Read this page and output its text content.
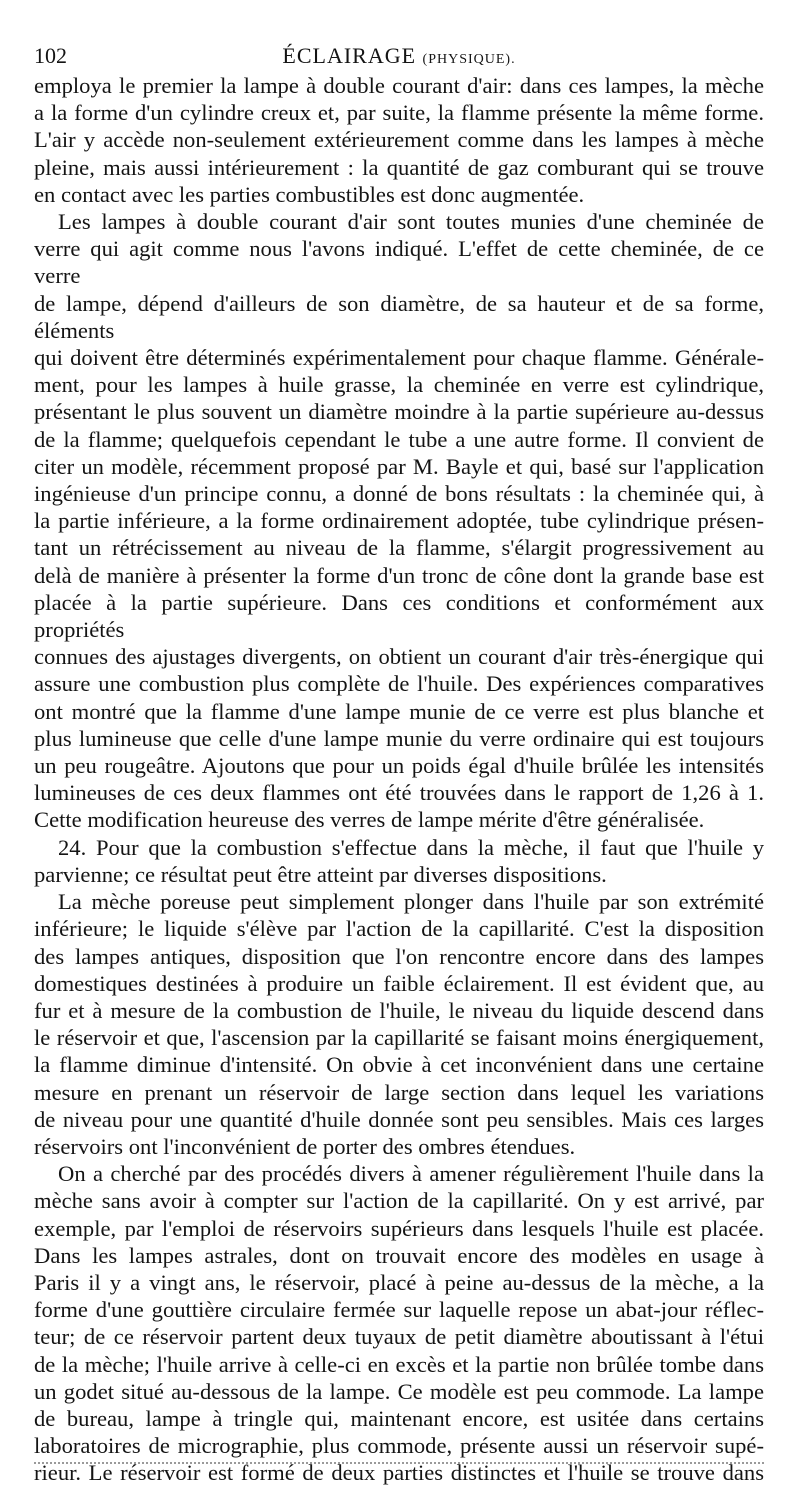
102	ÉCLAIRAGE (PHYSIQUE).
employa le premier la lampe à double courant d'air: dans ces lampes, la mèche
a la forme d'un cylindre creux et, par suite, la flamme présente la même forme.
L'air y accède non-seulement extérieurement comme dans les lampes à mèche
pleine, mais aussi intérieurement : la quantité de gaz comburant qui se trouve
en contact avec les parties combustibles est donc augmentée.
Les lampes à double courant d'air sont toutes munies d'une cheminée de
verre qui agit comme nous l'avons indiqué. L'effet de cette cheminée, de ce verre
de lampe, dépend d'ailleurs de son diamètre, de sa hauteur et de sa forme, éléments
qui doivent être déterminés expérimentalement pour chaque flamme. Générale-
ment, pour les lampes à huile grasse, la cheminée en verre est cylindrique,
présentant le plus souvent un diamètre moindre à la partie supérieure au-dessus
de la flamme; quelquefois cependant le tube a une autre forme. Il convient de
citer un modèle, récemment proposé par M. Bayle et qui, basé sur l'application
ingénieuse d'un principe connu, a donné de bons résultats : la cheminée qui, à
la partie inférieure, a la forme ordinairement adoptée, tube cylindrique présen-
tant un rétrécissement au niveau de la flamme, s'élargit progressivement au
delà de manière à présenter la forme d'un tronc de cône dont la grande base est
placée à la partie supérieure. Dans ces conditions et conformément aux propriétés
connues des ajustages divergents, on obtient un courant d'air très-énergique qui
assure une combustion plus complète de l'huile. Des expériences comparatives
ont montré que la flamme d'une lampe munie de ce verre est plus blanche et
plus lumineuse que celle d'une lampe munie du verre ordinaire qui est toujours
un peu rougeâtre. Ajoutons que pour un poids égal d'huile brûlée les intensités
lumineuses de ces deux flammes ont été trouvées dans le rapport de 1,26 à 1.
Cette modification heureuse des verres de lampe mérite d'être généralisée.
24. Pour que la combustion s'effectue dans la mèche, il faut que l'huile y
parvienne; ce résultat peut être atteint par diverses dispositions.
La mèche poreuse peut simplement plonger dans l'huile par son extrémité
inférieure; le liquide s'élève par l'action de la capillarité. C'est la disposition
des lampes antiques, disposition que l'on rencontre encore dans des lampes
domestiques destinées à produire un faible éclairement. Il est évident que, au
fur et à mesure de la combustion de l'huile, le niveau du liquide descend dans
le réservoir et que, l'ascension par la capillarité se faisant moins énergiquement,
la flamme diminue d'intensité. On obvie à cet inconvénient dans une certaine
mesure en prenant un réservoir de large section dans lequel les variations
de niveau pour une quantité d'huile donnée sont peu sensibles. Mais ces larges
réservoirs ont l'inconvénient de porter des ombres étendues.
On a cherché par des procédés divers à amener régulièrement l'huile dans la
mèche sans avoir à compter sur l'action de la capillarité. On y est arrivé, par
exemple, par l'emploi de réservoirs supérieurs dans lesquels l'huile est placée.
Dans les lampes astrales, dont on trouvait encore des modèles en usage à
Paris il y a vingt ans, le réservoir, placé à peine au-dessus de la mèche, a la
forme d'une gouttière circulaire fermée sur laquelle repose un abat-jour réflec-
teur; de ce réservoir partent deux tuyaux de petit diamètre aboutissant à l'étui
de la mèche; l'huile arrive à celle-ci en excès et la partie non brûlée tombe dans
un godet situé au-dessous de la lampe. Ce modèle est peu commode. La lampe
de bureau, lampe à tringle qui, maintenant encore, est usitée dans certains
laboratoires de micrographie, plus commode, présente aussi un réservoir supé-
rieur. Le réservoir est formé de deux parties distinctes et l'huile se trouve dans
